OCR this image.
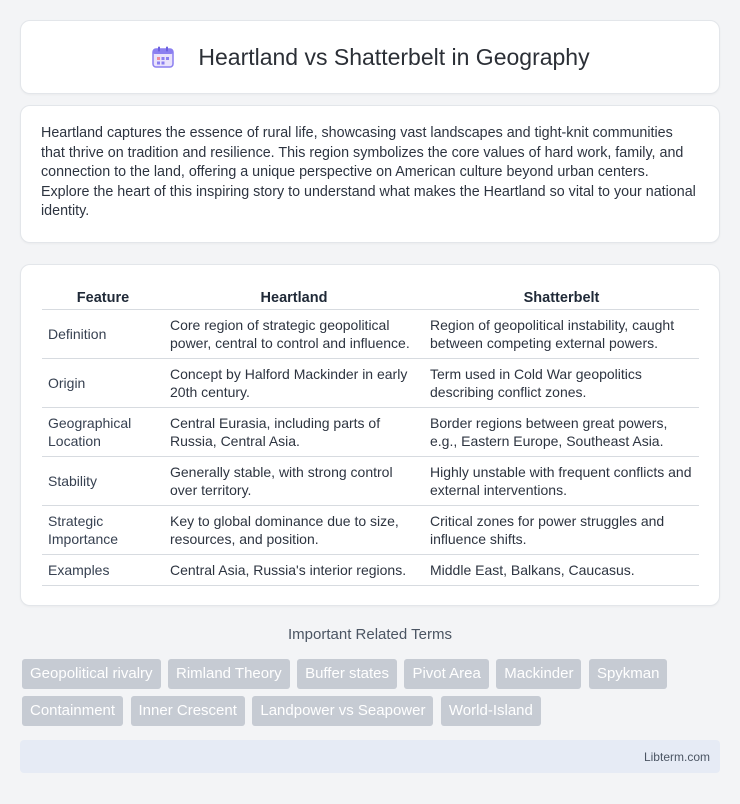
Heartland vs Shatterbelt in Geography

Heartland captures the essence of rural life, showcasing vast landscapes and tight-knit communities that thrive on tradition and resilience. This region symbolizes the core values of hard work, family, and connection to the land, offering a unique perspective on American culture beyond urban centers. Explore the heart of this inspiring story to understand what makes the Heartland so vital to your national identity.

Feature	Heartland	Shatterbelt
Definition	Core region of strategic geopolitical power, central to control and influence.	Region of geopolitical instability, caught between competing external powers.
Origin	Concept by Halford Mackinder in early 20th century.	Term used in Cold War geopolitics describing conflict zones.
Geographical Location	Central Eurasia, including parts of Russia, Central Asia.	Border regions between great powers, e.g., Eastern Europe, Southeast Asia.
Stability	Generally stable, with strong control over territory.	Highly unstable with frequent conflicts and external interventions.
Strategic Importance	Key to global dominance due to size, resources, and position.	Critical zones for power struggles and influence shifts.
Examples	Central Asia, Russia's interior regions.	Middle East, Balkans, Caucasus.
Important Related Terms
Geopolitical rivalry Rimland Theory Buffer states Pivot Area Mackinder Spykman Containment Inner Crescent Landpower vs Seapower World-Island
Libterm.com
